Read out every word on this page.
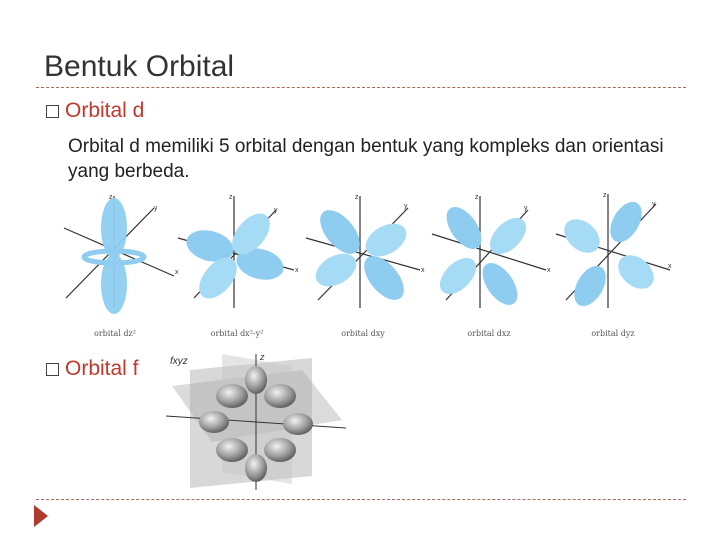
Bentuk Orbital
Orbital d
Orbital d memiliki 5 orbital dengan bentuk yang kompleks dan orientasi yang berbeda.
z
y
x
orbital dz²
z
y
x
orbital dx²-y²
z
y
x
orbital dxy
z
y
x
orbital dxz
z
y
x
orbital dyz
Orbital f	fxyz	z
